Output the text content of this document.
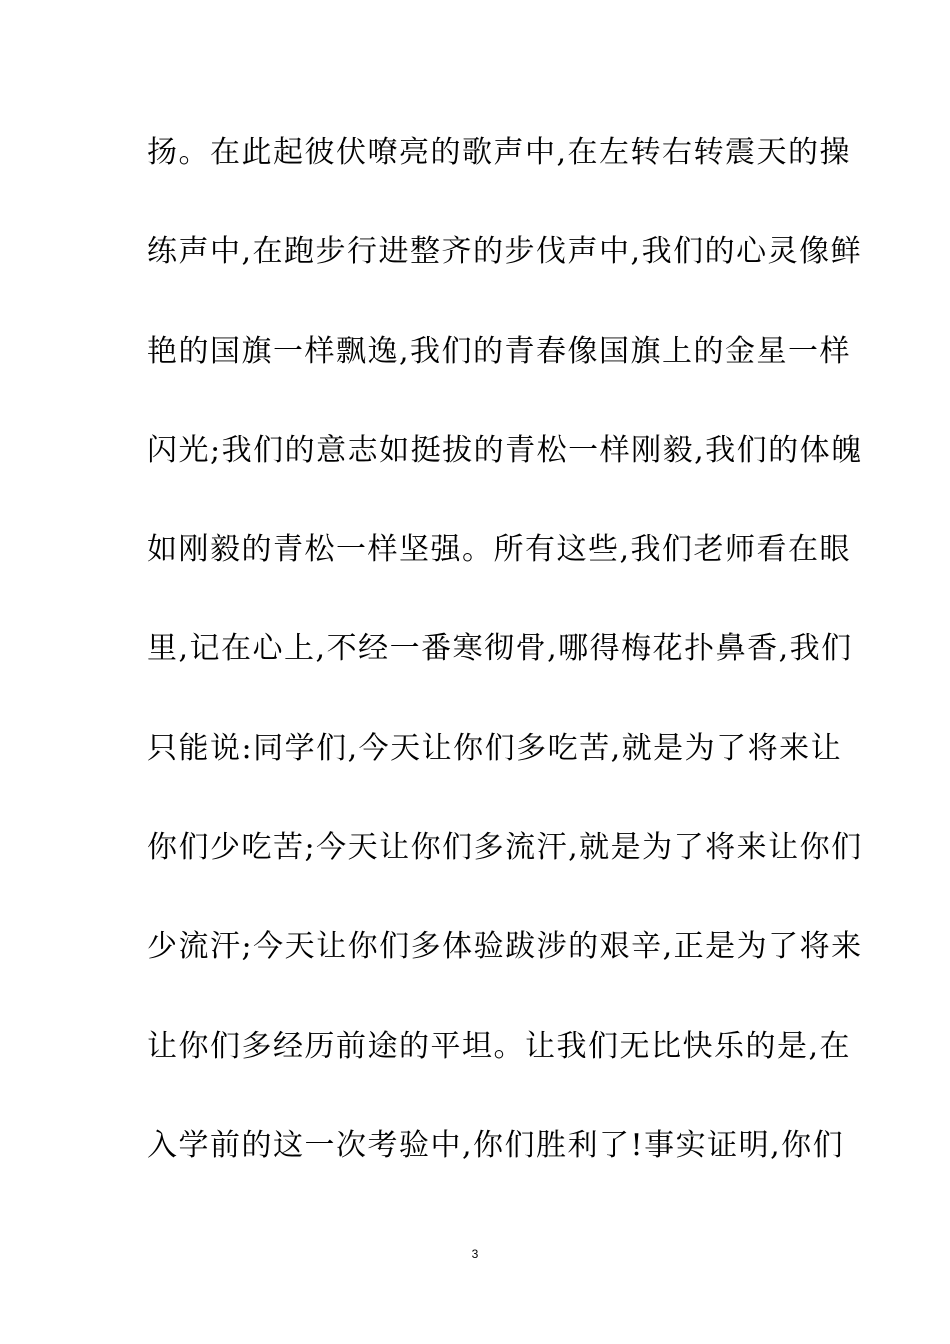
扬。在此起彼伏嘹亮的歌声中,在左转右转震天的操
练声中,在跑步行进整齐的步伐声中,我们的心灵像鲜
艳的国旗一样飘逸,我们的青春像国旗上的金星一样
闪光;我们的意志如挺拔的青松一样刚毅,我们的体魄
如刚毅的青松一样坚强。所有这些,我们老师看在眼
里,记在心上,不经一番寒彻骨,哪得梅花扑鼻香,我们
只能说:同学们,今天让你们多吃苦,就是为了将来让
你们少吃苦;今天让你们多流汗,就是为了将来让你们
少流汗;今天让你们多体验跋涉的艰辛,正是为了将来
让你们多经历前途的平坦。让我们无比快乐的是,在
入学前的这一次考验中,你们胜利了!事实证明,你们
3
